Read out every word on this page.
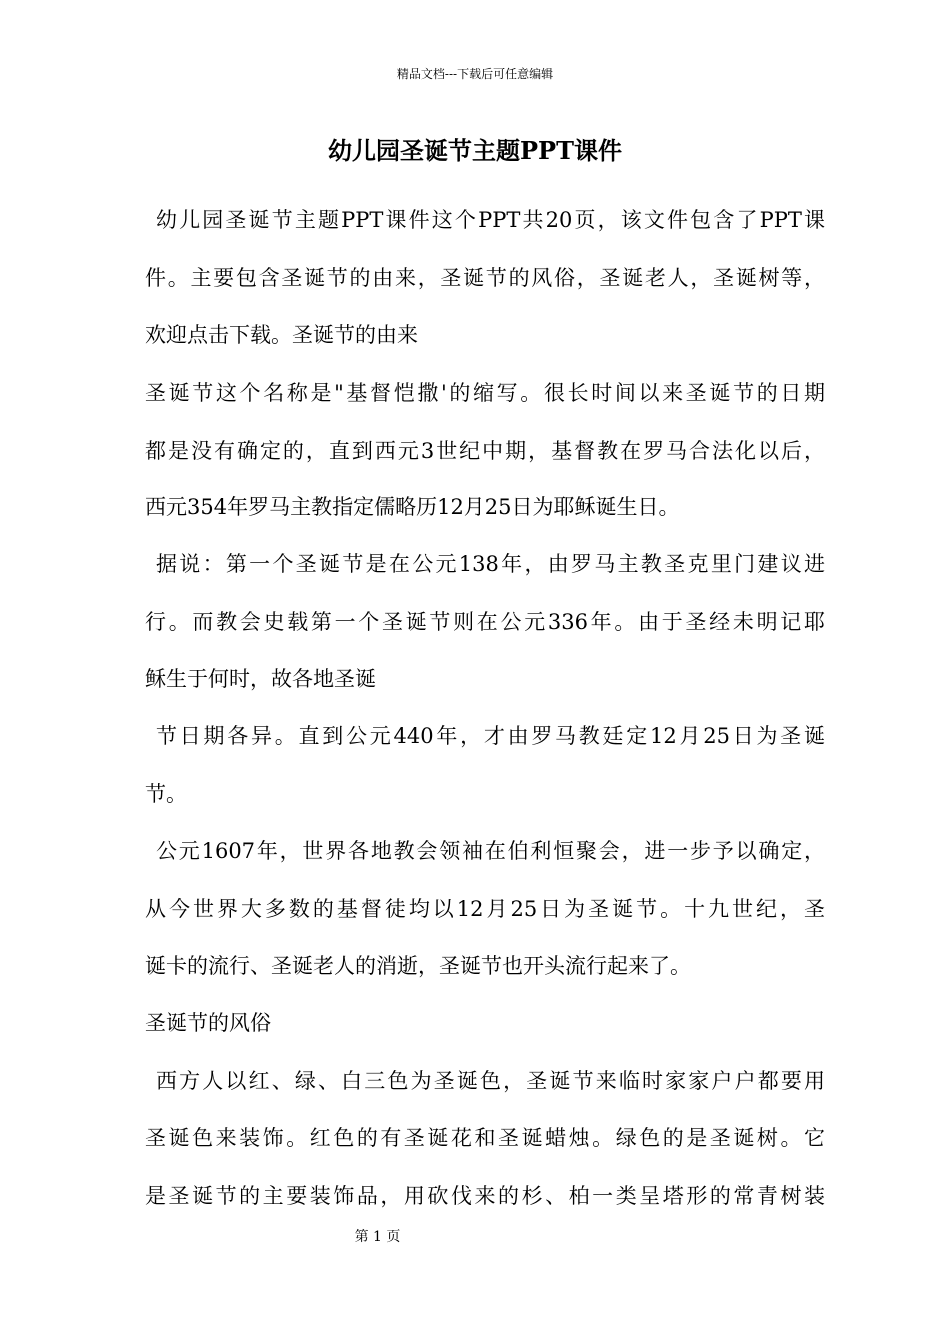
精品文档---下载后可任意编辑
幼儿园圣诞节主题PPT课件
幼儿园圣诞节主题PPT课件这个PPT共20页，该文件包含了PPT课
件。主要包含圣诞节的由来，圣诞节的风俗，圣诞老人，圣诞树等，
欢迎点击下载。圣诞节的由来
圣诞节这个名称是"基督恺撒'的缩写。很长时间以来圣诞节的日期
都是没有确定的，直到西元3世纪中期，基督教在罗马合法化以后，
西元354年罗马主教指定儒略历12月25日为耶稣诞生日。
据说：第一个圣诞节是在公元138年，由罗马主教圣克里门建议进
行。而教会史载第一个圣诞节则在公元336年。由于圣经未明记耶
稣生于何时，故各地圣诞
节日期各异。直到公元440年，才由罗马教廷定12月25日为圣诞
节。
公元1607年，世界各地教会领袖在伯利恒聚会，进一步予以确定，
从今世界大多数的基督徒均以12月25日为圣诞节。十九世纪，圣
诞卡的流行、圣诞老人的消逝，圣诞节也开头流行起来了。
圣诞节的风俗
西方人以红、绿、白三色为圣诞色，圣诞节来临时家家户户都要用
圣诞色来装饰。红色的有圣诞花和圣诞蜡烛。绿色的是圣诞树。它
是圣诞节的主要装饰品，用砍伐来的杉、柏一类呈塔形的常青树装
第 1 页
